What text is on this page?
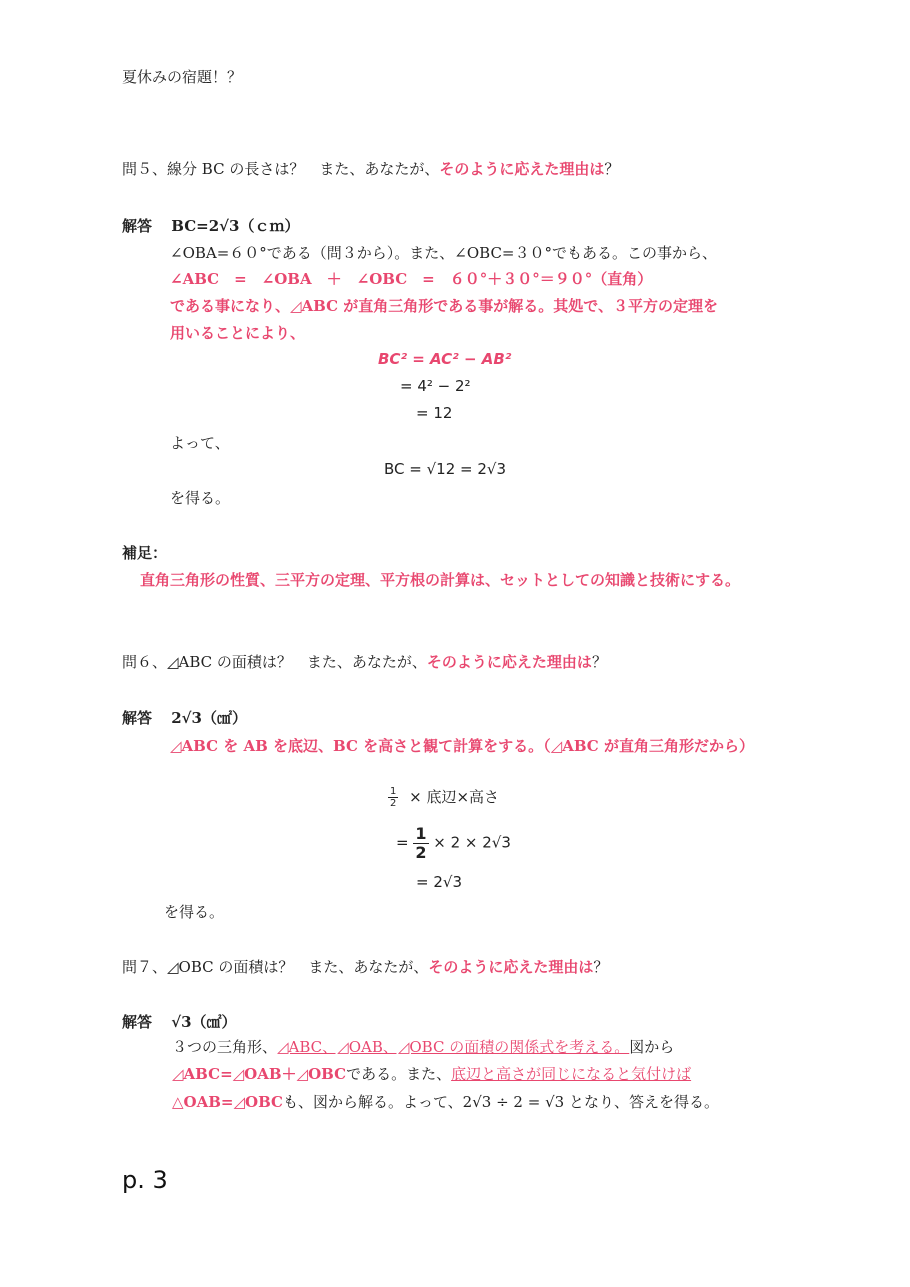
夏休みの宿題！？
問５、線分 BC の長さは？　また、あなたが、そのように応えた理由は？
解答 BC=2√3（ｃｍ）
∠OBA=６０°である（問３から）。また、∠OBC=３０°でもある。この事から、
∠ABC　=　∠OBA　＋　∠OBC　=　６０°＋３０°＝９０°（直角）
である事になり、◿ABC が直角三角形である事が解る。其処で、３平方の定理を
用いることにより、
BC² = AC² − AB²
= 4² − 2²
= 12
よって、
BC = √12 = 2√3
を得る。
補足：
直角三角形の性質、三平方の定理、平方根の計算は、セットとしての知識と技術にする。
問６、◿ABC の面積は？　また、あなたが、そのように応えた理由は？
解答 2√3（㎠）
◿ABC を AB を底辺、BC を高さと観て計算をする。（◿ABC が直角三角形だから）
$\frac{1}{2}$ × 底辺×高さ
= $\frac{1}{2} \times 2 \times 2√3$
= 2√3
を得る。
問７、◿OBC の面積は？　また、あなたが、そのように応えた理由は？
解答 √3（㎠）
３つの三角形、◿ABC、◿OAB、◿OBC の面積の関係式を考える。図から
◿ABC=◿OAB＋◿OBCである。また、底辺と高さが同じになると気付けば
△OAB=◿OBCも、図から解る。よって、2√3 ÷ 2 = √3 となり、答えを得る。
p. 3
